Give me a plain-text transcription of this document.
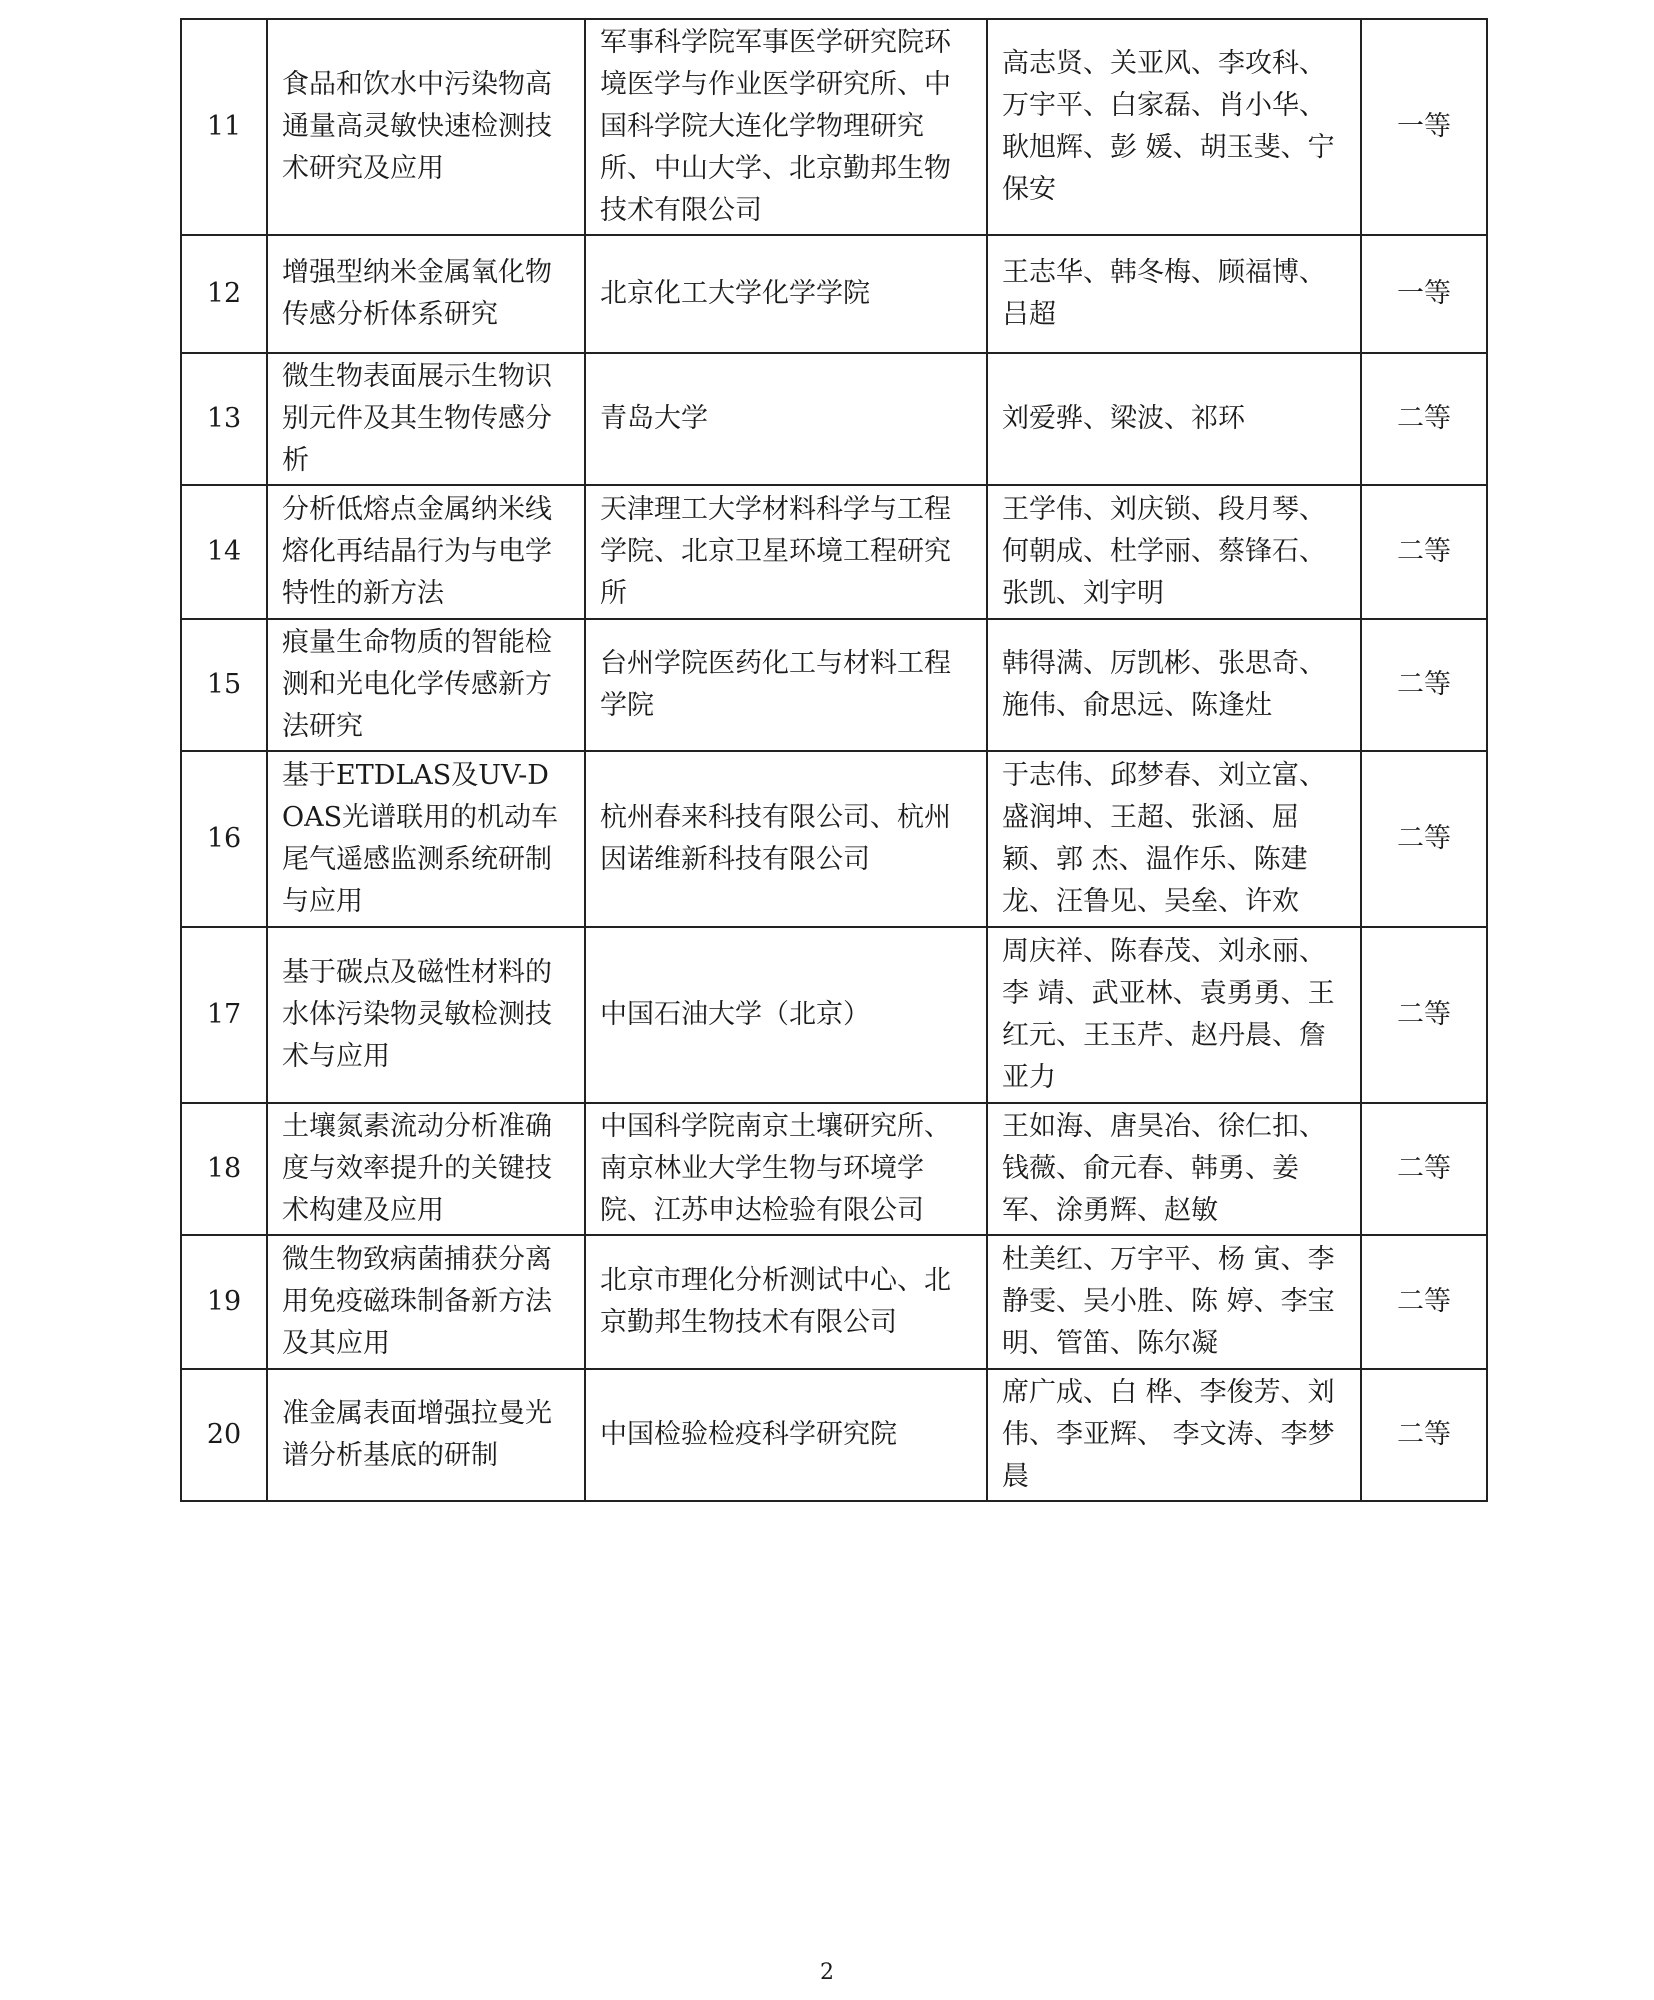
11	食品和饮水中污染物高通量高灵敏快速检测技术研究及应用	军事科学院军事医学研究院环境医学与作业医学研究所、中国科学院大连化学物理研究所、中山大学、北京勤邦生物技术有限公司	高志贤、关亚风、李攻科、万宇平、白家磊、肖小华、耿旭辉、彭 媛、胡玉斐、宁保安	一等
12	增强型纳米金属氧化物传感分析体系研究	北京化工大学化学学院	王志华、韩冬梅、顾福博、吕超	一等
13	微生物表面展示生物识别元件及其生物传感分析	青岛大学	刘爱骅、梁波、祁环	二等
14	分析低熔点金属纳米线熔化再结晶行为与电学特性的新方法	天津理工大学材料科学与工程学院、北京卫星环境工程研究所	王学伟、刘庆锁、段月琴、何朝成、杜学丽、蔡锋石、张凯、刘宇明	二等
15	痕量生命物质的智能检测和光电化学传感新方法研究	台州学院医药化工与材料工程学院	韩得满、厉凯彬、张思奇、施伟、俞思远、陈逢灶	二等
16	基于ETDLAS及UV-DOAS光谱联用的机动车尾气遥感监测系统研制与应用	杭州春来科技有限公司、杭州因诺维新科技有限公司	于志伟、邱梦春、刘立富、盛润坤、王超、张涵、屈颖、郭 杰、温作乐、陈建龙、汪鲁见、吴垒、许欢	二等
17	基于碳点及磁性材料的水体污染物灵敏检测技术与应用	中国石油大学（北京）	周庆祥、陈春茂、刘永丽、李 靖、武亚林、袁勇勇、王红元、王玉芹、赵丹晨、詹亚力	二等
18	土壤氮素流动分析准确度与效率提升的关键技术构建及应用	中国科学院南京土壤研究所、南京林业大学生物与环境学院、江苏申达检验有限公司	王如海、唐昊冶、徐仁扣、钱薇、俞元春、韩勇、姜军、涂勇辉、赵敏	二等
19	微生物致病菌捕获分离用免疫磁珠制备新方法及其应用	北京市理化分析测试中心、北京勤邦生物技术有限公司	杜美红、万宇平、杨 寅、李静雯、吴小胜、陈 婷、李宝明、管笛、陈尔凝	二等
20	准金属表面增强拉曼光谱分析基底的研制	中国检验检疫科学研究院	席广成、白 桦、李俊芳、刘伟、李亚辉、 李文涛、李梦晨	二等
2
